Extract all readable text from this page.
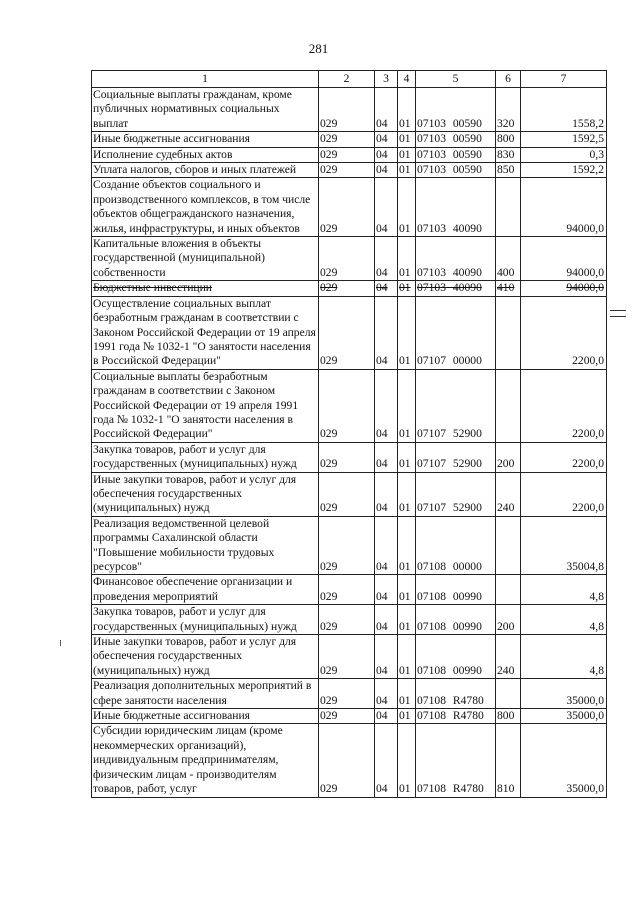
281
1	2	3	4	5	6	7
Социальные выплаты гражданам, кроме публичных нормативных социальных выплат	029	04	01	07103 00590	320	1558,2
Иные бюджетные ассигнования	029	04	01	07103 00590	800	1592,5
Исполнение судебных актов	029	04	01	07103 00590	830	0,3
Уплата налогов, сборов и иных платежей	029	04	01	07103 00590	850	1592,2
Создание объектов социального и производственного комплексов, в том числе объектов общегражданского назначения, жилья, инфраструктуры, и иных объектов	029	04	01	07103 40090		94000,0
Капитальные вложения в объекты государственной (муниципальной) собственности	029	04	01	07103 40090	400	94000,0
Бюджетные инвестиции	029	04	01	07103 40090	410	94000,0
Осуществление социальных выплат безработным гражданам в соответствии с Законом Российской Федерации от 19 апреля 1991 года № 1032-1 "О занятости населения в Российской Федерации"	029	04	01	07107 00000		2200,0
Социальные выплаты безработным гражданам в соответствии с Законом Российской Федерации от 19 апреля 1991 года № 1032-1 "О занятости населения в Российской Федерации"	029	04	01	07107 52900		2200,0
Закупка товаров, работ и услуг для государственных (муниципальных) нужд	029	04	01	07107 52900	200	2200,0
Иные закупки товаров, работ и услуг для обеспечения государственных (муниципальных) нужд	029	04	01	07107 52900	240	2200,0
Реализация ведомственной целевой программы Сахалинской области "Повышение мобильности трудовых ресурсов"	029	04	01	07108 00000		35004,8
Финансовое обеспечение организации и проведения мероприятий	029	04	01	07108 00990		4,8
Закупка товаров, работ и услуг для государственных (муниципальных) нужд	029	04	01	07108 00990	200	4,8
Иные закупки товаров, работ и услуг для обеспечения государственных (муниципальных) нужд	029	04	01	07108 00990	240	4,8
Реализация дополнительных мероприятий в сфере занятости населения	029	04	01	07108 R4780		35000,0
Иные бюджетные ассигнования	029	04	01	07108 R4780	800	35000,0
Субсидии юридическим лицам (кроме некоммерческих организаций), индивидуальным предпринимателям, физическим лицам - производителям товаров, работ, услуг	029	04	01	07108 R4780	810	35000,0
